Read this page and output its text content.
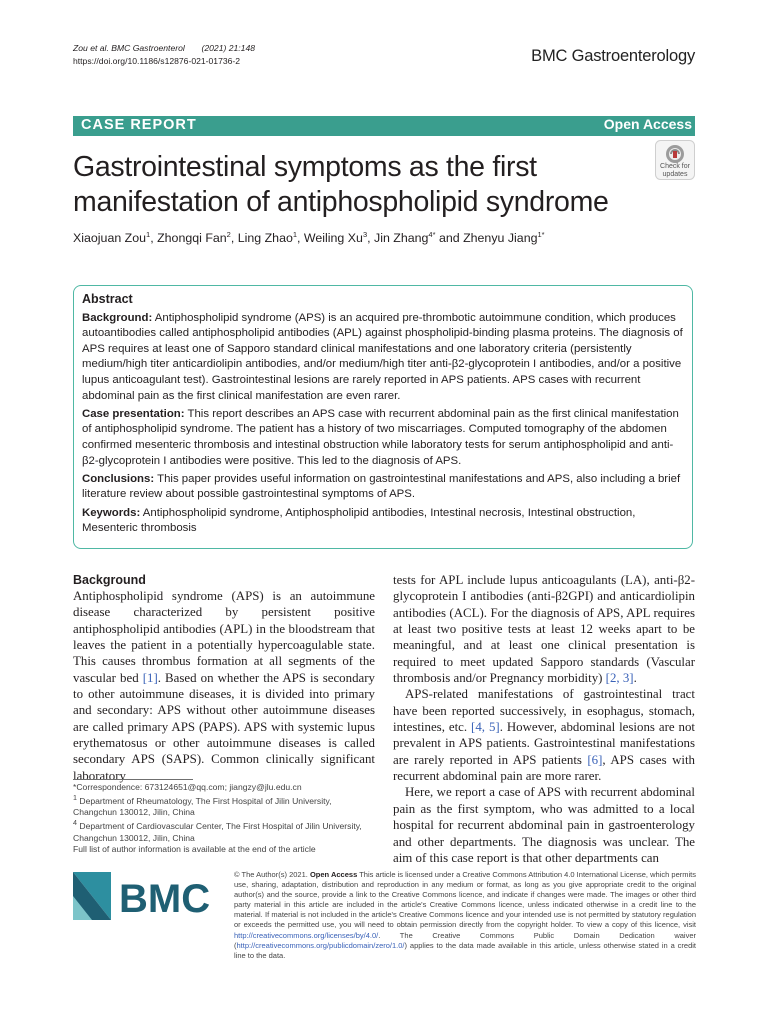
Zou et al. BMC Gastroenterol (2021) 21:148
https://doi.org/10.1186/s12876-021-01736-2	BMC Gastroenterology
CASE REPORT	Open Access
Gastrointestinal symptoms as the first
manifestation of antiphospholipid syndrome
Check for
updates
Xiaojuan Zou$^1$, Zhongqi Fan$^2$, Ling Zhao$^1$, Weiling Xu$^3$, Jin Zhang$^{4*}$ and Zhenyu Jiang$^{1*}$

Abstract

Background: Antiphospholipid syndrome (APS) is an acquired pre-thrombotic autoimmune condition, which produces autoantibodies called antiphospholipid antibodies (APL) against phospholipid-binding plasma proteins. The diagnosis of APS requires at least one of Sapporo standard clinical manifestations and one laboratory criteria (persistently medium/high titer anticardiolipin antibodies, and/or medium/high titer anti-β2-glycoprotein I antibodies, and/or a positive lupus anticoagulant test). Gastrointestinal lesions are rarely reported in APS patients. APS cases with recurrent abdominal pain as the first clinical manifestation are even rarer.

Case presentation: This report describes an APS case with recurrent abdominal pain as the first clinical manifestation of antiphospholipid syndrome. The patient has a history of two miscarriages. Computed tomography of the abdomen confirmed mesenteric thrombosis and intestinal obstruction while laboratory tests for serum antiphospholipid and anti-β2-glycoprotein I antibodies were positive. This led to the diagnosis of APS.

Conclusions: This paper provides useful information on gastrointestinal manifestations and APS, also including a brief literature review about possible gastrointestinal symptoms of APS.

Keywords: Antiphospholipid syndrome, Antiphospholipid antibodies, Intestinal necrosis, Intestinal obstruction, Mesenteric thrombosis

Background

Antiphospholipid syndrome (APS) is an autoimmune disease characterized by persistent positive antiphospholipid antibodies (APL) in the bloodstream that leaves the patient in a potentially hypercoagulable state. This causes thrombus formation at all segments of the vascular bed [1]. Based on whether the APS is secondary to other autoimmune diseases, it is divided into primary and secondary: APS without other autoimmune diseases are called primary APS (PAPS). APS with systemic lupus erythematosus or other autoimmune diseases is called secondary APS (SAPS). Common clinically significant laboratory

tests for APL include lupus anticoagulants (LA), anti-β2-glycoprotein I antibodies (anti-β2GPI) and anticardiolipin antibodies (ACL). For the diagnosis of APS, APL requires at least two positive tests at least 12 weeks apart to be meaningful, and at least one clinical presentation is required to meet updated Sapporo standards (Vascular thrombosis and/or Pregnancy morbidity) [2, 3].

APS-related manifestations of gastrointestinal tract have been reported successively, in esophagus, stomach, intestines, etc. [4, 5]. However, abdominal lesions are not prevalent in APS patients. Gastrointestinal manifestations are rarely reported in APS patients [6], APS cases with recurrent abdominal pain are more rarer.

Here, we report a case of APS with recurrent abdominal pain as the first symptom, who was admitted to a local hospital for recurrent abdominal pain in gastroenterology and other departments. The diagnosis was unclear. The aim of this case report is that other departments can

*Correspondence: 673124651@qq.com; jiangzy@jlu.edu.cn

$^1$ Department of Rheumatology, The First Hospital of Jilin University, Changchun 130012, Jilin, China

$^4$ Department of Cardiovascular Center, The First Hospital of Jilin University, Changchun 130012, Jilin, China

Full list of author information is available at the end of the article

BMC
© The Author(s) 2021. Open Access This article is licensed under a Creative Commons Attribution 4.0 International License, which permits use, sharing, adaptation, distribution and reproduction in any medium or format, as long as you give appropriate credit to the original author(s) and the source, provide a link to the Creative Commons licence, and indicate if changes were made. The images or other third party material in this article are included in the article's Creative Commons licence, unless indicated otherwise in a credit line to the material. If material is not included in the article's Creative Commons licence and your intended use is not permitted by statutory regulation or exceeds the permitted use, you will need to obtain permission directly from the copyright holder. To view a copy of this licence, visit http://creativecommons.org/licenses/by/4.0/. The Creative Commons Public Domain Dedication waiver (http://creativecommons.org/publicdomain/zero/1.0/) applies to the data made available in this article, unless otherwise stated in a credit line to the data.
